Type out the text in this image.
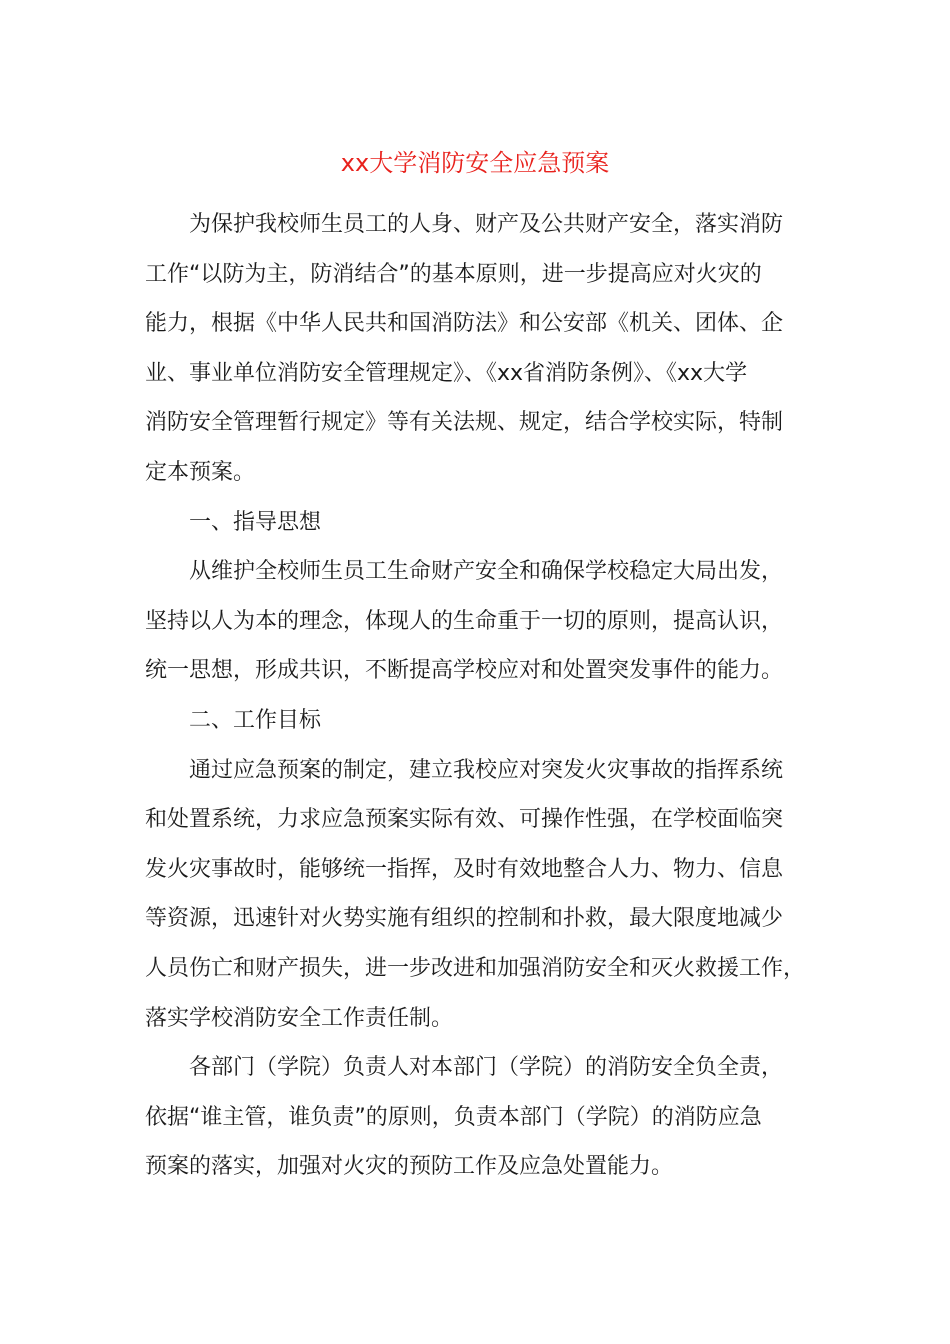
xx大学消防安全应急预案
为保护我校师生员工的人身、财产及公共财产安全，落实消防
工作“以防为主，防消结合”的基本原则，进一步提高应对火灾的
能力，根据《中华人民共和国消防法》和公安部《机关、团体、企
业、事业单位消防安全管理规定》、《xx省消防条例》、《xx大学
消防安全管理暂行规定》等有关法规、规定，结合学校实际，特制
定本预案。
一、指导思想
从维护全校师生员工生命财产安全和确保学校稳定大局出发，
坚持以人为本的理念，体现人的生命重于一切的原则，提高认识，
统一思想，形成共识，不断提高学校应对和处置突发事件的能力。
二、工作目标
通过应急预案的制定，建立我校应对突发火灾事故的指挥系统
和处置系统，力求应急预案实际有效、可操作性强，在学校面临突
发火灾事故时，能够统一指挥，及时有效地整合人力、物力、信息
等资源，迅速针对火势实施有组织的控制和扑救，最大限度地减少
人员伤亡和财产损失，进一步改进和加强消防安全和灭火救援工作，
落实学校消防安全工作责任制。
各部门（学院）负责人对本部门（学院）的消防安全负全责，
依据“谁主管，谁负责”的原则，负责本部门（学院）的消防应急
预案的落实，加强对火灾的预防工作及应急处置能力。
